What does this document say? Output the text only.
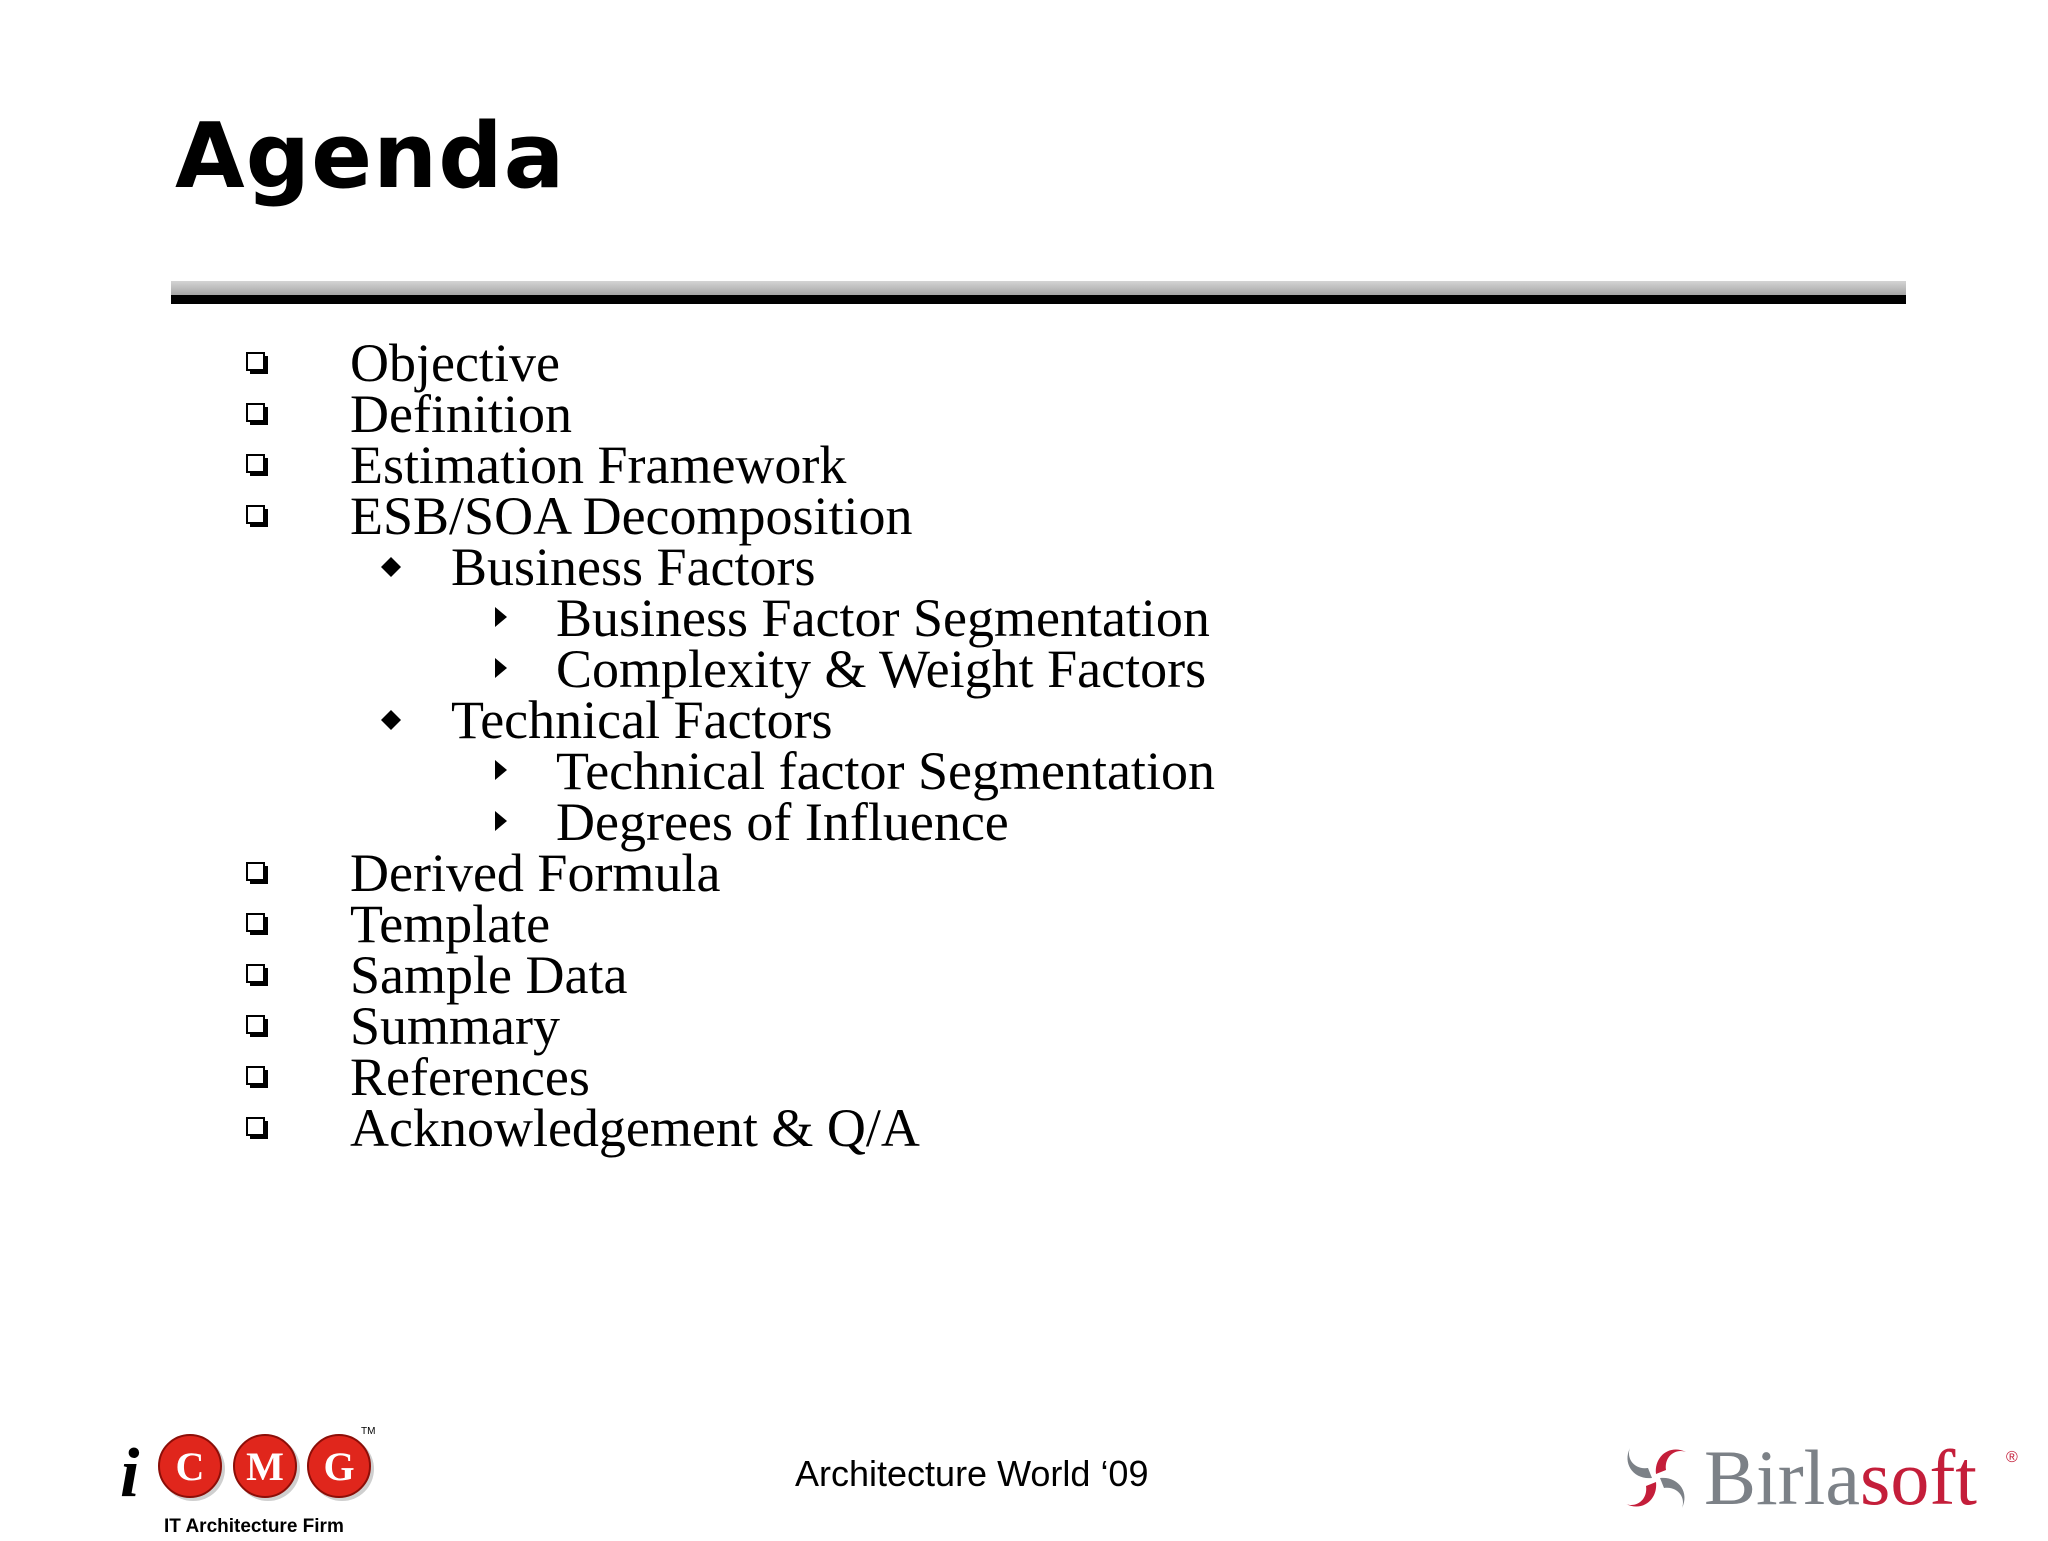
Agenda
Objective
Definition
Estimation Framework
ESB/SOA Decomposition
Business Factors
Business Factor Segmentation
Complexity & Weight Factors
Technical Factors
Technical factor Segmentation
Degrees of Influence
Derived Formula
Template
Sample Data
Summary
References
Acknowledgement & Q/A
i C M G
TM
IT Architecture Firm
Architecture World ‘09	Birlasoft ®
